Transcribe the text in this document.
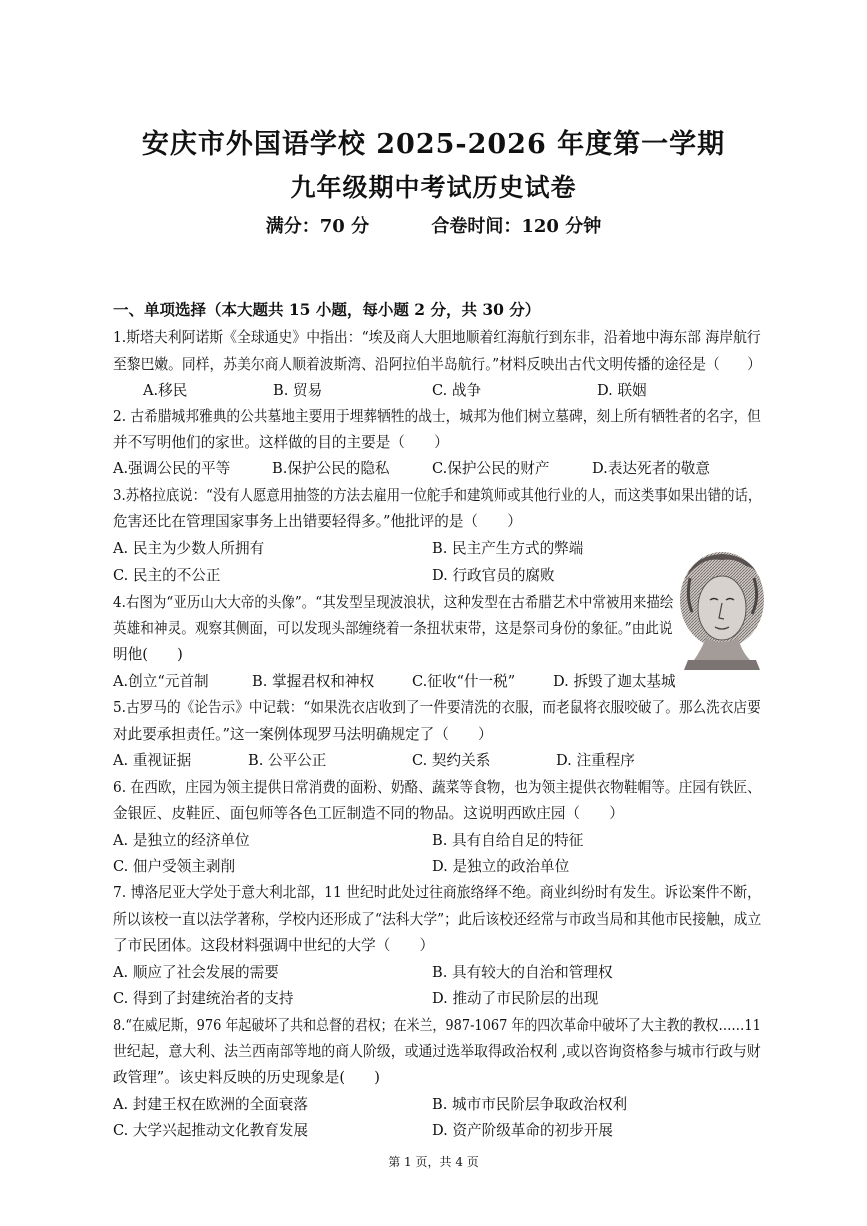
安庆市外国语学校 2025-2026 年度第一学期
九年级期中考试历史试卷
满分：70 分	合卷时间：120 分钟
一、单项选择（本大题共 15 小题，每小题 2 分，共 30 分）
1.斯塔夫利阿诺斯《全球通史》中指出：“埃及商人大胆地顺着红海航行到东非，沿着地中海东部 海岸航行
至黎巴嫩。同样，苏美尔商人顺着波斯湾、沿阿拉伯半岛航行。”材料反映出古代文明传播的途径是（　　）
A.移民	B. 贸易	C. 战争	D. 联姻
2. 古希腊城邦雅典的公共墓地主要用于埋葬牺牲的战士，城邦为他们树立墓碑，刻上所有牺牲者的名字，但
并不写明他们的家世。这样做的目的主要是（　　）
A.强调公民的平等	B.保护公民的隐私	C.保护公民的财产	D.表达死者的敬意
3.苏格拉底说：“没有人愿意用抽签的方法去雇用一位舵手和建筑师或其他行业的人，而这类事如果出错的话，
危害还比在管理国家事务上出错要轻得多。”他批评的是（　　）
A. 民主为少数人所拥有	B. 民主产生方式的弊端
C. 民主的不公正	D. 行政官员的腐败
4.右图为“亚历山大大帝的头像”。“其发型呈现波浪状，这种发型在古希腊艺术中常被用来描绘
英雄和神灵。观察其侧面，可以发现头部缠绕着一条扭状束带，这是祭司身份的象征。”由此说
明他(　　)
A.创立“元首制	B. 掌握君权和神权	C.征收“什一税”	D. 拆毁了迦太基城
5.古罗马的《论告示》中记载：“如果洗衣店收到了一件要清洗的衣服，而老鼠将衣服咬破了。那么洗衣店要
对此要承担责任。”这一案例体现罗马法明确规定了（　　）
A. 重视证据	B. 公平公正	C. 契约关系	D. 注重程序
6. 在西欧，庄园为领主提供日常消费的面粉、奶酪、蔬菜等食物，也为领主提供衣物鞋帽等。庄园有铁匠、
金银匠、皮鞋匠、面包师等各色工匠制造不同的物品。这说明西欧庄园（　　）
A. 是独立的经济单位	B. 具有自给自足的特征
C. 佃户受领主剥削	D. 是独立的政治单位
7. 博洛尼亚大学处于意大利北部，11 世纪时此处过往商旅络绎不绝。商业纠纷时有发生。诉讼案件不断，
所以该校一直以法学著称，学校内还形成了“法科大学”；此后该校还经常与市政当局和其他市民接触，成立
了市民团体。这段材料强调中世纪的大学（　　）
A. 顺应了社会发展的需要	B. 具有较大的自治和管理权
C. 得到了封建统治者的支持	D. 推动了市民阶层的出现
8.“在威尼斯，976 年起破坏了共和总督的君权；在米兰，987-1067 年的四次革命中破坏了大主教的教权……11
世纪起，意大利、法兰西南部等地的商人阶级，或通过选举取得政治权利 ,或以咨询资格参与城市行政与财
政管理”。该史料反映的历史现象是(　　)
A. 封建王权在欧洲的全面衰落	B. 城市市民阶层争取政治权利
C. 大学兴起推动文化教育发展	D. 资产阶级革命的初步开展
第 1 页，共 4 页
